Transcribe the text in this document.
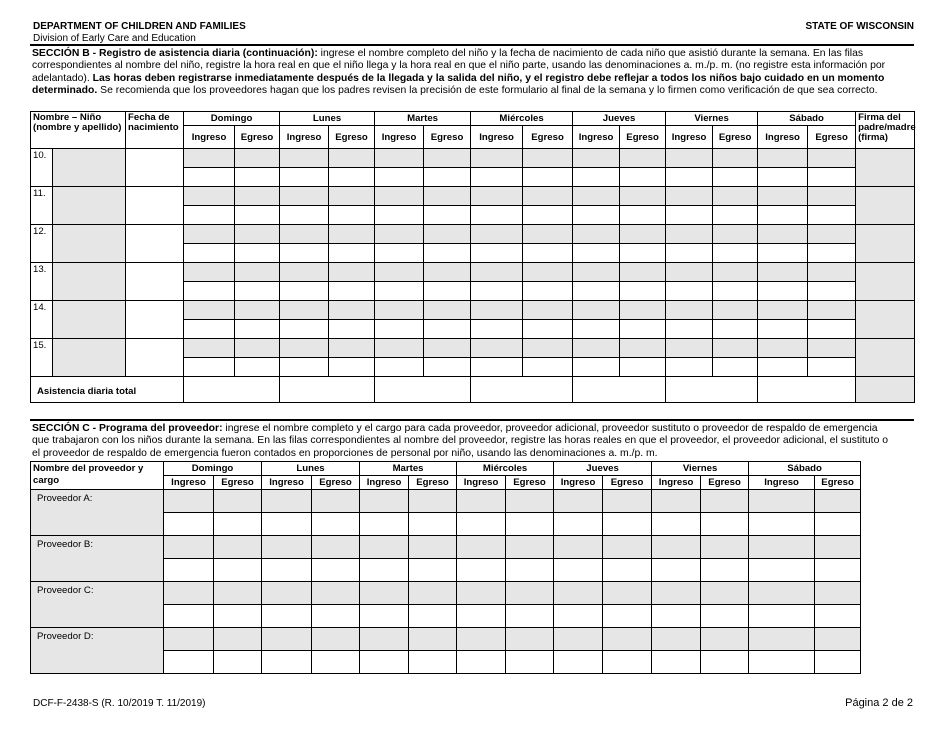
DEPARTMENT OF CHILDREN AND FAMILIES
Division of Early Care and Education
STATE OF WISCONSIN
SECCIÓN B - Registro de asistencia diaria (continuación): ingrese el nombre completo del niño y la fecha de nacimiento de cada niño que asistió durante la semana. En las filas correspondientes al nombre del niño, registre la hora real en que el niño llega y la hora real en que el niño parte, usando las denominaciones a. m./p. m. (no registre esta información por adelantado). Las horas deben registrarse inmediatamente después de la llegada y la salida del niño, y el registro debe reflejar a todos los niños bajo cuidado en un momento determinado. Se recomienda que los proveedores hagan que los padres revisen la precisión de este formulario al final de la semana y lo firmen como verificación de que sea correcto.
Nombre – Niño (nombre y apellido)		Fecha de nacimiento	Domingo		Lunes		Martes		Miércoles		Jueves		Viernes		Sábado		Firma del padre/madre (firma)
			Ingreso	Egreso	Ingreso	Egreso	Ingreso	Egreso	Ingreso	Egreso	Ingreso	Egreso	Ingreso	Egreso	Ingreso	Egreso	
10.																	

11.																	

12.																	

13.																	

14.																	

15.																	

Asistencia diaria total																	
SECCIÓN C - Programa del proveedor: ingrese el nombre completo y el cargo para cada proveedor, proveedor adicional, proveedor sustituto o proveedor de respaldo de emergencia que trabajaron con los niños durante la semana. En las filas correspondientes al nombre del proveedor, registre las horas reales en que el proveedor, el proveedor adicional, el sustituto o el proveedor de respaldo de emergencia fueron contados en proporciones de personal por niño, usando las denominaciones a. m./p. m.
Nombre del proveedor y cargo	Domingo		Lunes		Martes		Miércoles		Jueves		Viernes		Sábado	
	Ingreso	Egreso	Ingreso	Egreso	Ingreso	Egreso	Ingreso	Egreso	Ingreso	Egreso	Ingreso	Egreso	Ingreso	Egreso
Proveedor A:														

Proveedor B:														

Proveedor C:														

Proveedor D:														

DCF-F-2438-S (R. 10/2019 T. 11/2019)	Página 2 de 2
